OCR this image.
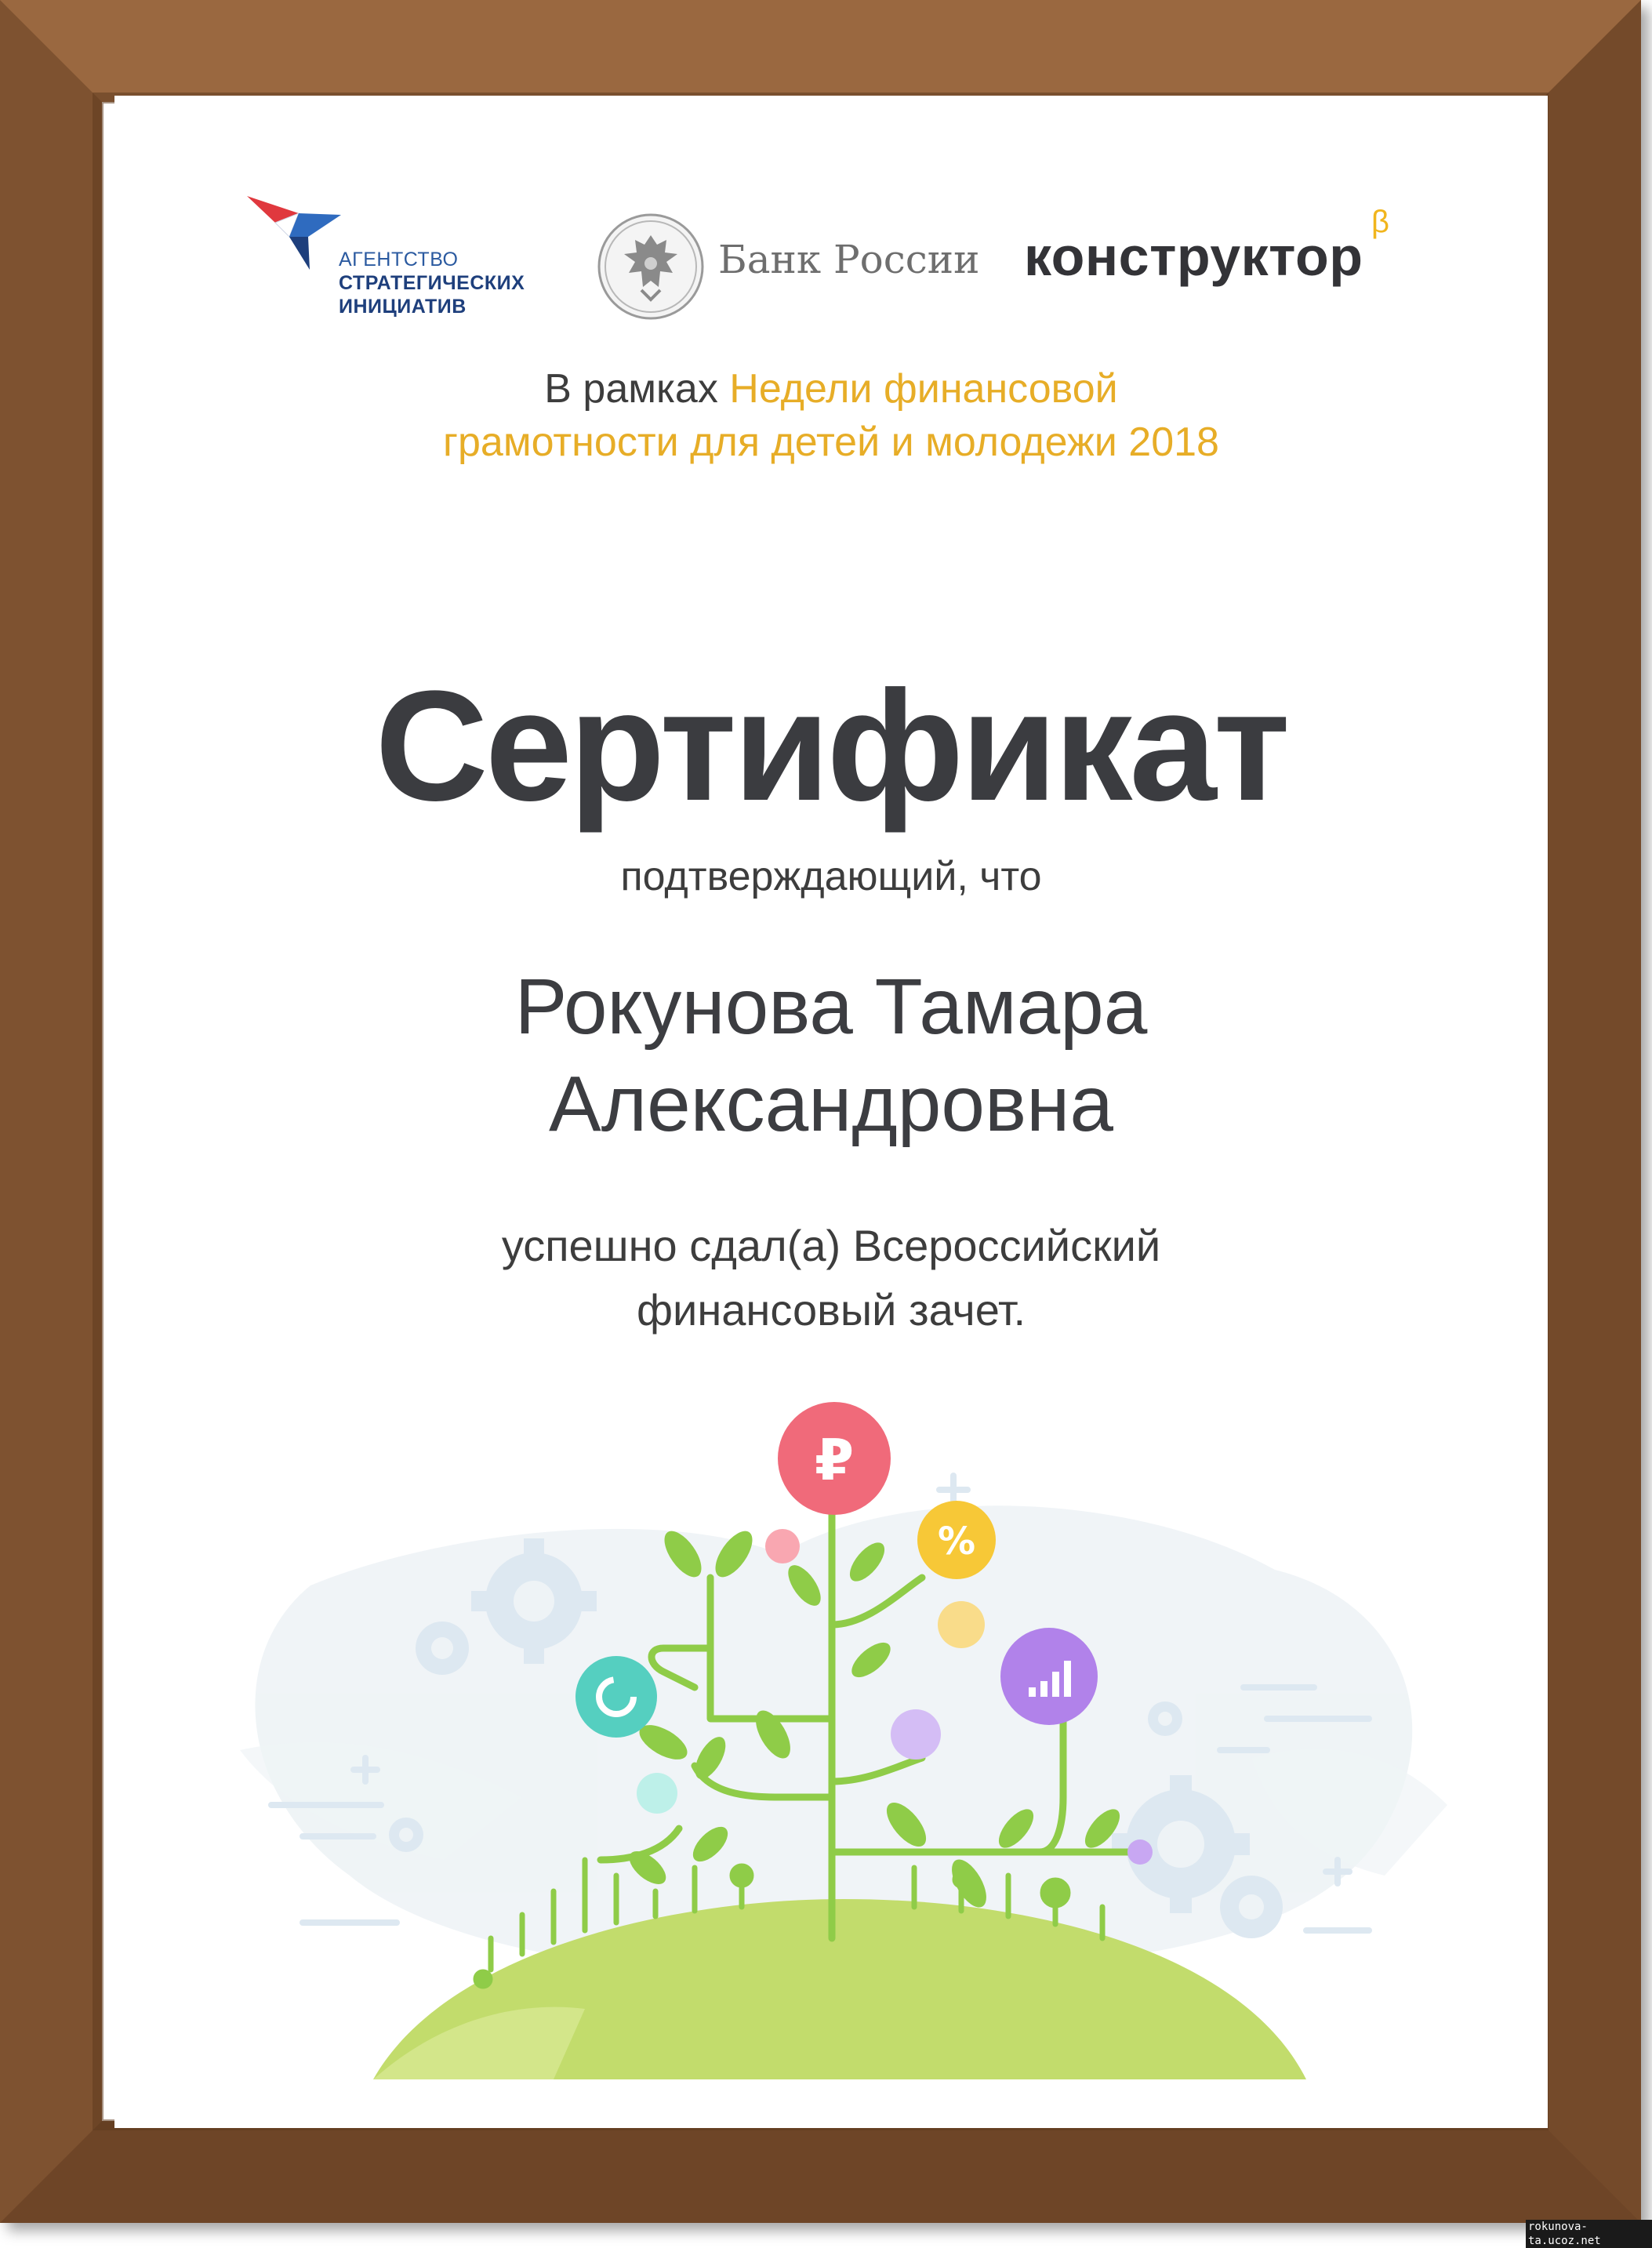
АГЕНТСТВО
СТРАТЕГИЧЕСКИХ
ИНИЦИАТИВ
Банк России конструктор
β
В рамках Недели финансовой
грамотности для детей и молодежи 2018
Сертификат
подтверждающий, что
Рокунова Тамара
Александровна
успешно сдал(а) Всероссийский
финансовый зачет.
₽
%
rokunova-ta.ucoz.net
